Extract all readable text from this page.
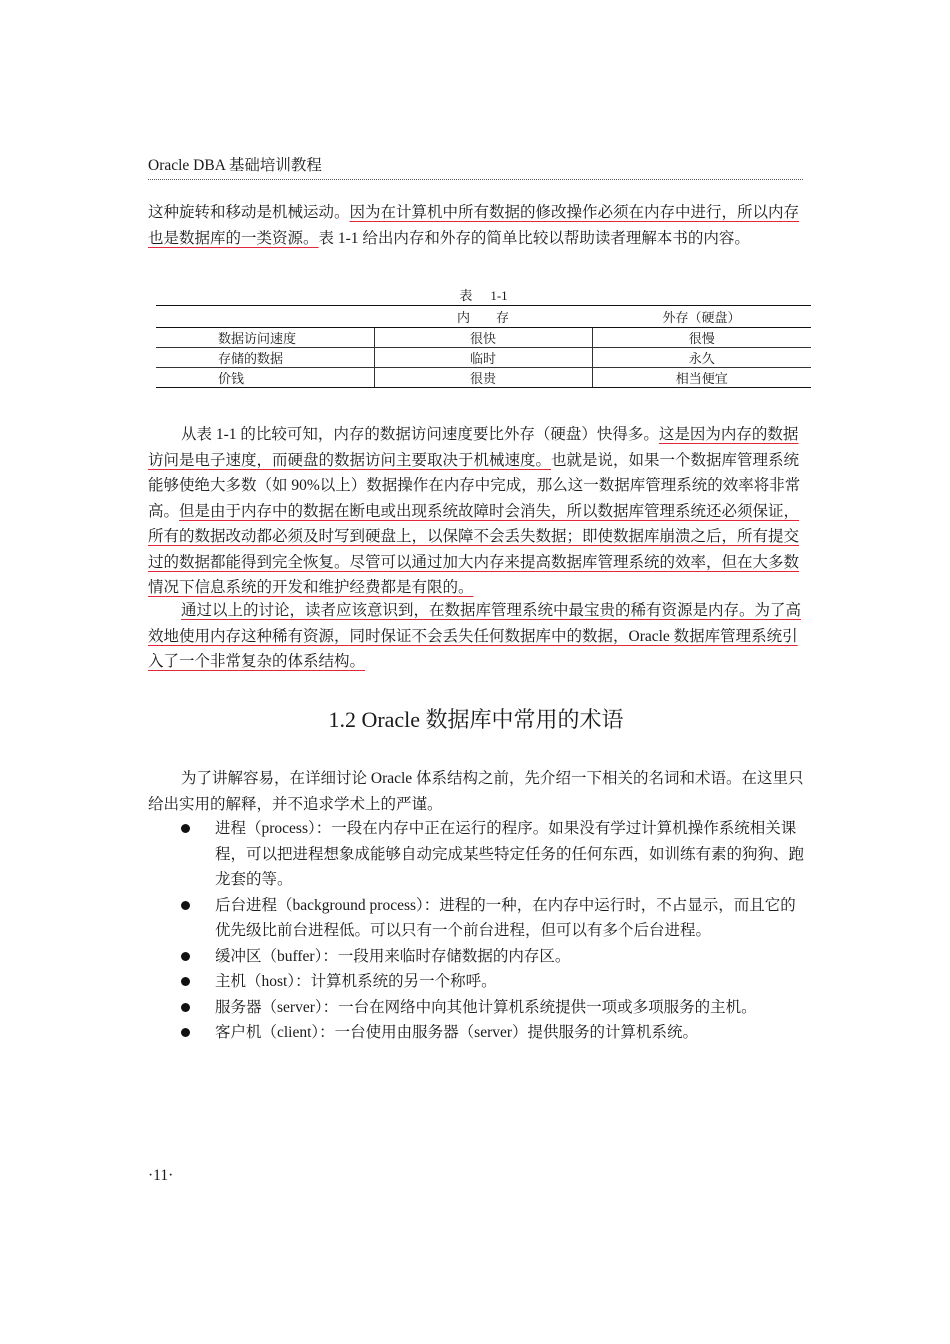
Oracle DBA 基础培训教程

这种旋转和移动是机械运动。因为在计算机中所有数据的修改操作必须在内存中进行，所以内存也是数据库的一类资源。表 1-1 给出内存和外存的简单比较以帮助读者理解本书的内容。

表 1-1
	内　　存	外存（硬盘）
数据访问速度	很快	很慢
存储的数据	临时	永久
价钱	很贵	相当便宜

从表 1-1 的比较可知，内存的数据访问速度要比外存（硬盘）快得多。这是因为内存的数据访问是电子速度，而硬盘的数据访问主要取决于机械速度。也就是说，如果一个数据库管理系统能够使绝大多数（如 90%以上）数据操作在内存中完成，那么这一数据库管理系统的效率将非常高。但是由于内存中的数据在断电或出现系统故障时会消失，所以数据库管理系统还必须保证，所有的数据改动都必须及时写到硬盘上，以保障不会丢失数据；即使数据库崩溃之后，所有提交过的数据都能得到完全恢复。尽管可以通过加大内存来提高数据库管理系统的效率，但在大多数情况下信息系统的开发和维护经费都是有限的。

通过以上的讨论，读者应该意识到，在数据库管理系统中最宝贵的稀有资源是内存。为了高效地使用内存这种稀有资源，同时保证不会丢失任何数据库中的数据，Oracle 数据库管理系统引入了一个非常复杂的体系结构。

1.2 Oracle 数据库中常用的术语

为了讲解容易，在详细讨论 Oracle 体系结构之前，先介绍一下相关的名词和术语。在这里只给出实用的解释，并不追求学术上的严谨。

进程（process）：一段在内存中正在运行的程序。如果没有学过计算机操作系统相关课程，可以把进程想象成能够自动完成某些特定任务的任何东西，如训练有素的狗狗、跑龙套的等。
后台进程（background process）：进程的一种，在内存中运行时，不占显示，而且它的优先级比前台进程低。可以只有一个前台进程，但可以有多个后台进程。
缓冲区（buffer）：一段用来临时存储数据的内存区。
主机（host）：计算机系统的另一个称呼。
服务器（server）：一台在网络中向其他计算机系统提供一项或多项服务的主机。
客户机（client）：一台使用由服务器（server）提供服务的计算机系统。
·11·
